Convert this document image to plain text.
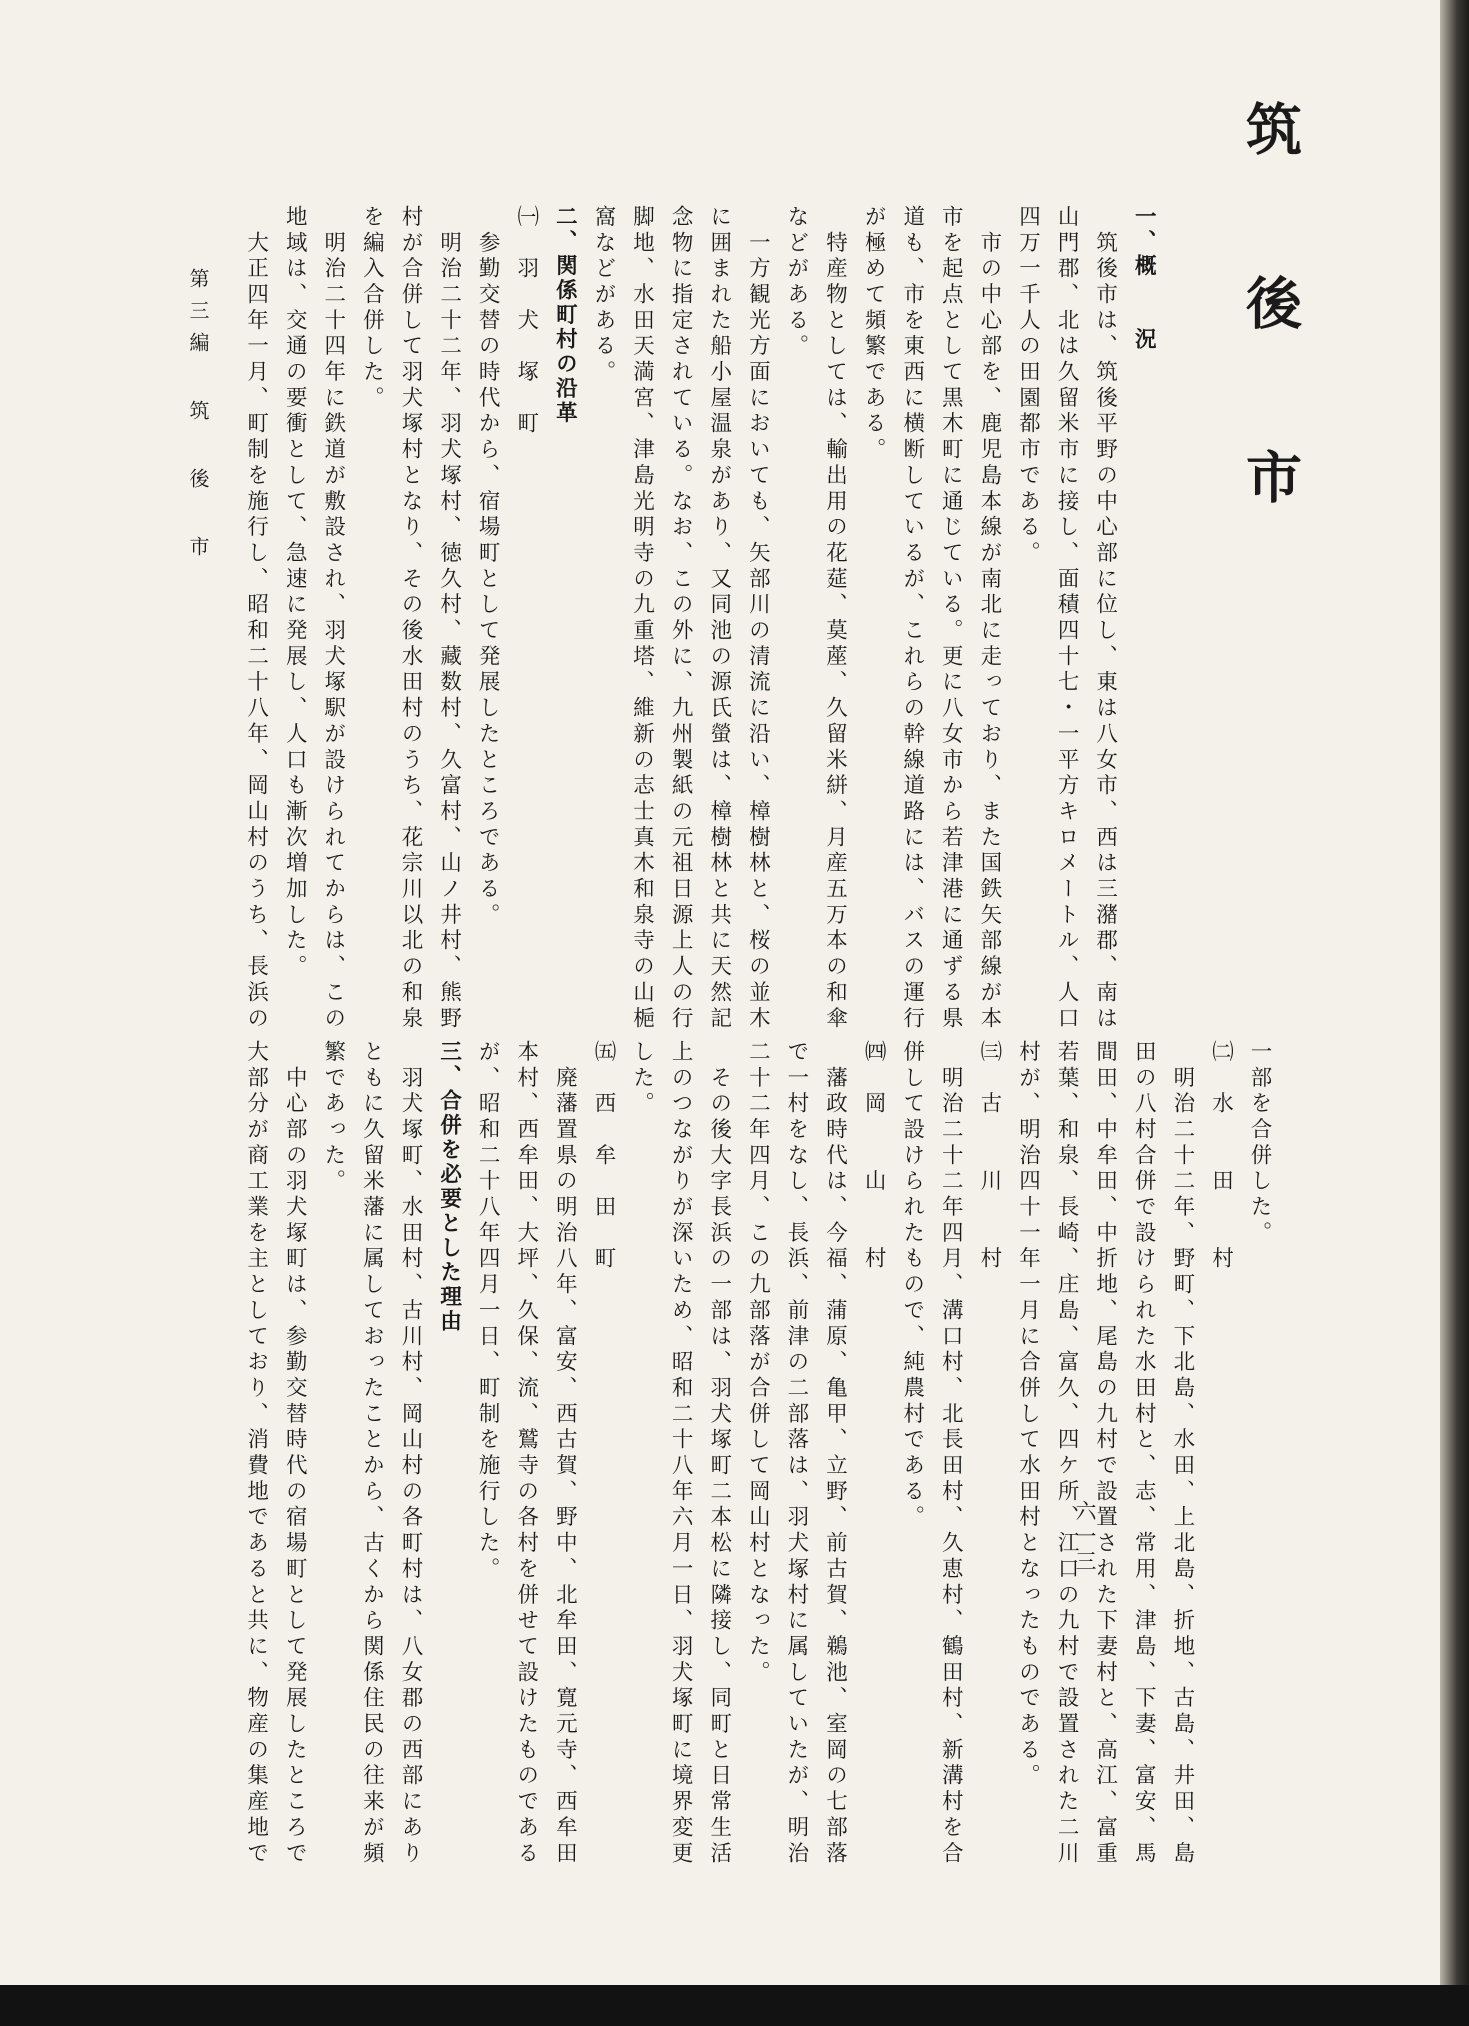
筑 後 市

一、概　　況

　筑後市は、筑後平野の中心部に位し、東は八女市、西は三潴郡、南は

山門郡、北は久留米市に接し、面積四十七・一平方キロメートル、人口

四万一千人の田園都市である。

　市の中心部を、鹿児島本線が南北に走っており、また国鉄矢部線が本

市を起点として黒木町に通じている。更に八女市から若津港に通ずる県

道も、市を東西に横断しているが、これらの幹線道路には、バスの運行

が極めて頻繁である。

　特産物としては、輸出用の花莚、莫蓙、久留米絣、月産五万本の和傘

などがある。

　一方観光方面においても、矢部川の清流に沿い、樟樹林と、桜の並木

に囲まれた船小屋温泉があり、又同池の源氏螢は、樟樹林と共に天然記

念物に指定されている。なお、この外に、九州製紙の元祖日源上人の行

脚地、水田天満宮、津島光明寺の九重塔、維新の志士真木和泉寺の山梔

窩などがある。

二、関係町村の沿革

㈠　羽　犬　塚　町

　参勤交替の時代から、宿場町として発展したところである。

　明治二十二年、羽犬塚村、徳久村、藏数村、久富村、山ノ井村、熊野

村が合併して羽犬塚村となり、その後水田村のうち、花宗川以北の和泉

を編入合併した。

　明治二十四年に鉄道が敷設され、羽犬塚駅が設けられてからは、この

地域は、交通の要衝として、急速に発展し、人口も漸次増加した。

　大正四年一月、町制を施行し、昭和二十八年、岡山村のうち、長浜の

一部を合併した。

㈡　水　　田　　村

　明治二十二年、野町、下北島、水田、上北島、折地、古島、井田、島

田の八村合併で設けられた水田村と、志、常用、津島、下妻、富安、馬

間田、中牟田、中折地、尾島の九村で設置された下妻村と、高江、富重

若葉、和泉、長崎、庄島、富久、四ケ所、江口の九村で設置された二川

村が、明治四十一年一月に合併して水田村となったものである。

㈢　古　　川　　村

　明治二十二年四月、溝口村、北長田村、久恵村、鶴田村、新溝村を合

併して設けられたもので、純農村である。

㈣　岡　　山　　村

　藩政時代は、今福、蒲原、亀甲、立野、前古賀、鵜池、室岡の七部落

で一村をなし、長浜、前津の二部落は、羽犬塚村に属していたが、明治

二十二年四月、この九部落が合併して岡山村となった。

　その後大字長浜の一部は、羽犬塚町二本松に隣接し、同町と日常生活

上のつながりが深いため、昭和二十八年六月一日、羽犬塚町に境界変更

した。

㈤　西　牟　田　町

　廃藩置県の明治八年、富安、西古賀、野中、北牟田、寛元寺、西牟田

本村、西牟田、大坪、久保、流、鷲寺の各村を併せて設けたものである

が、昭和二十八年四月一日、町制を施行した。

三、合併を必要とした理由

　羽犬塚町、水田村、古川村、岡山村の各町村は、八女郡の西部にあり

ともに久留米藩に属しておったことから、古くから関係住民の往来が頻

繁であった。

　中心部の羽犬塚町は、参勤交替時代の宿場町として発展したところで

大部分が商工業を主としており、消費地であると共に、物産の集産地で

第三編 筑 後 市
六一三
